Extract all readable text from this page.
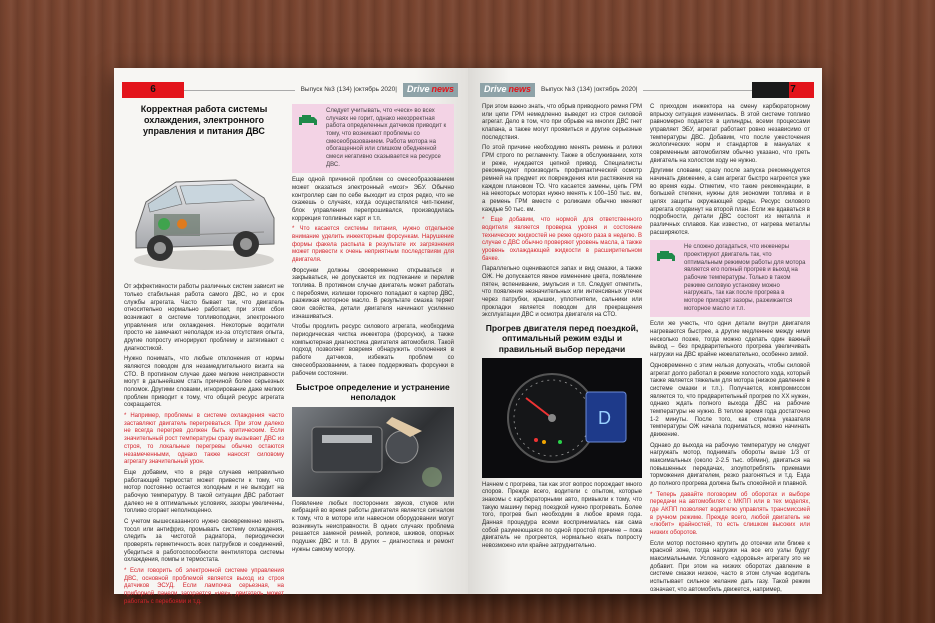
6	Выпуск №3 (134) |октябрь 2020|	Drive news
Корректная работа системы охлаждения, электронного управления и питания ДВС

От эффективности работы различных систем зависит не только стабильная работа самого ДВС, но и срок службы агрегата. Часто бывает так, что двигатель относительно нормально работает, при этом сбои возникают в системе топливоподачи, электронного управления или охлаждения. Некоторые водители просто не замечают неполадок из-за отсутствия опыта, другие попросту игнорируют проблему и затягивают с диагностикой.

Нужно понимать, что любые отклонения от нормы являются поводом для незамедлительного визита на СТО. В противном случае даже мелкие неисправности могут в дальнейшем стать причиной более серьезных поломок. Другими словами, игнорирование даже мелких проблем приводит к тому, что общий ресурс агрегата сокращается.

* Например, проблемы в системе охлаждения часто заставляют двигатель перегреваться. При этом далеко не всегда перегрев должен быть критическим. Если значительный рост температуры сразу вызывает ДВС из строя, то локальные перегревы обычно остаются незамеченными, однако также наносят силовому агрегату значительный урон.

Еще добавим, что в ряде случаев неправильно работающий термостат может привести к тому, что мотор постоянно остается холодным и не выходит на рабочую температуру. В такой ситуации ДВС работает далеко не в оптимальных условиях, зазоры увеличены, топливо сгорает неполноценно.

С учетом вышесказанного нужно своевременно менять тосол или антифриз, промывать систему охлаждения, следить за чистотой радиатора, периодически проверять герметичность всех патрубков и соединений, убедиться в работоспособности вентилятора системы охлаждения, помпы и термостата.

* Если говорить об электронной системе управления ДВС, основной проблемой является выход из строя датчиков ЭСУД. Если лампочка серьезная, на приборной панели загорается «чек», двигатель может работать с перебоями и т.д.

Следует учитывать, что «ческ» во всех случаях не горит, однако некорректная работа определенных датчиков приводит к тому, что возникают проблемы со смесеобразованием. Работа мотора на обогащенной или слишком обедненной смеси негативно сказывается на ресурсе ДВС.

Еще одной причиной проблем со смесеобразованием может оказаться электронный «мозг» ЭБУ. Обычно контроллер сам по себе выходит из строя редко, что не скажешь о случаях, когда осуществлялся чип-тюнинг, блок управления перепрошивался, производилась коррекция топливных карт и т.п.

* Что касается системы питания, нужно отдельное внимание уделить инжекторным форсункам. Нарушение формы факела распыла в результате их загрязнения может привести к очень неприятным последствиям для двигателя.

Форсунки должны своевременно открываться и закрываться, не допускается их подтекание и перелив топлива. В противном случае двигатель может работать с перебоями, излишки горючего попадают в картер ДВС, разжижая моторное масло. В результате смазка теряет свои свойства, детали двигателя начинают усиленно изнашиваться.

Чтобы продлить ресурс силового агрегата, необходима периодическая чистка инжектора (форсунок), а также компьютерная диагностика двигателя автомобиля. Такой подход позволяет вовремя обнаружить отклонения в работе датчиков, избежать проблем со смесеобразованием, а также поддерживать форсунки в рабочем состоянии.

Быстрое определение и устранение неполадок

Появление любых посторонних звуков, стуков или вибраций во время работы двигателя является сигналом к тому, что в моторе или навесном оборудовании могут возникнуть неисправности. В одних случаях проблема решается заменой ремней, роликов, шкивов, опорных подушек ДВС и т.п. В других – диагностика и ремонт нужны самому мотору.

Drive news	Выпуск №3 (134) |октябрь 2020|	7

При этом важно знать, что обрыв приводного ремня ГРМ или цепи ГРМ немедленно выведет из строя силовой агрегат. Дело в том, что при обрыве на многих ДВС гнет клапана, а также могут проявиться и другие серьезные последствия.

По этой причине необходимо менять ремень и ролики ГРМ строго по регламенту. Также в обслуживании, хотя и реже, нуждается цепной привод. Специалисты рекомендуют производить профилактический осмотр ремней на предмет их повреждения или растяжения на каждом плановом ТО. Что касается замены, цепь ГРМ на некоторых моторах нужно менять к 100–150 тыс. км, а ремень ГРМ вместе с роликами обычно меняют каждые 50 тыс. км.

* Еще добавим, что нормой для ответственного водителя является проверка уровня и состояние технических жидкостей не реже одного раза в неделю. В случае с ДВС обычно проверяют уровень масла, а также уровень охлаждающей жидкости в расширительном бачке.

Параллельно оцениваются запах и вид смазки, а также ОЖ. Не допускается явное изменение цвета, появление пятен, вспенивание, эмульсия и т.п. Следует отметить, что появление незначительных или интенсивных утечек через патрубки, крышки, уплотнители, сальники или прокладки является поводом для прекращения эксплуатации ДВС и осмотра двигателя на СТО.

Прогрев двигателя перед поездкой, оптимальный режим езды и правильный выбор передачи
D

Начнем с прогрева, так как этот вопрос порождает много споров. Прежде всего, водители с опытом, которые знакомы с карбюраторными авто, привыкли к тому, что такую машину перед поездкой нужно прогревать. Более того, прогрев был необходим в любое время года. Данная процедура всеми воспринималась как сама собой разумеющаяся по одной простой причине – пока двигатель не прогреется, нормально ехать попросту невозможно или крайне затруднительно.

С приходом инжектора на смену карбюраторному впрыску ситуация изменилась. В этой системе топливо равномерно подается в цилиндры, всеми процессами управляет ЭБУ, агрегат работает ровно независимо от температуры ДВС. Добавим, что после ужесточения экологических норм и стандартов в мануалах к современным автомобилям обычно указано, что греть двигатель на холостом ходу не нужно.

Другими словами, сразу после запуска рекомендуется начинать движение, а сам агрегат быстро нагреется уже во время езды. Отметим, что такие рекомендации, в большей степени, нужны для экономии топлива и в целях защиты окружающей среды. Ресурс силового агрегата отодвинут на второй план. Если же вдаваться в подробности, детали ДВС состоят из металла и различных сплавов. Как известно, от нагрева металлы расширяются.

Не сложно догадаться, что инженеры проектируют двигатель так, что оптимальным режимом работы для мотора является его полный прогрев и выход на рабочие температуры. Только в таком режиме силовую установку можно нагружать, так как после прогрева в моторе приходят зазоры, разжижается моторное масло и т.п.

Если же учесть, что одни детали внутри двигателя нагреваются быстрее, а другие медленнее между ними несколько позже, тогда можно сделать один важный вывод – без предварительного прогрева увеличивать нагрузки на ДВС крайне нежелательно, особенно зимой.

Одновременно с этим нельзя допускать, чтобы силовой агрегат долго работал в режиме холостого хода, который также является тяжелым для мотора (низкое давление в системе смазки и т.п.). Получается, компромиссом является то, что предварительный прогрев по XX нужен, однако ждать полного выхода ДВС на рабочие температуры не нужно. В теплое время года достаточно 1-2 минуты. После того, как стрелка указателя температуры ОЖ начала подниматься, можно начинать движение.

Однако до выхода на рабочую температуру не следует нагружать мотор, поднимать обороты выше 1/3 от максимальных (около 2-2.5 тыс. об/мин), двигаться на повышенных передачах, злоупотреблять приемами торможения двигателем, резко разгоняться и т.д. Езда до полного прогрева должна быть спокойной и плавной.

* Теперь давайте поговорим об оборотах и выборе передачи на автомобилях с МКПП или в тех моделях, где АКПП позволяет водителю управлять трансмиссией в ручном режиме. Прежде всего, любой двигатель не «любит» крайностей, то есть слишком высоких или низких оборотов.

Если мотор постоянно крутить до отсечки или ближе к красной зоне, тогда нагрузки на все его узлы будут максимальными. Условного «здоровья» агрегату это не добавит. При этом на низких оборотах давление в системе смазки низкое, часто в этом случае водитель испытывает сильное желание дать газу. Такой режим означает, что автомобиль движется, например,
